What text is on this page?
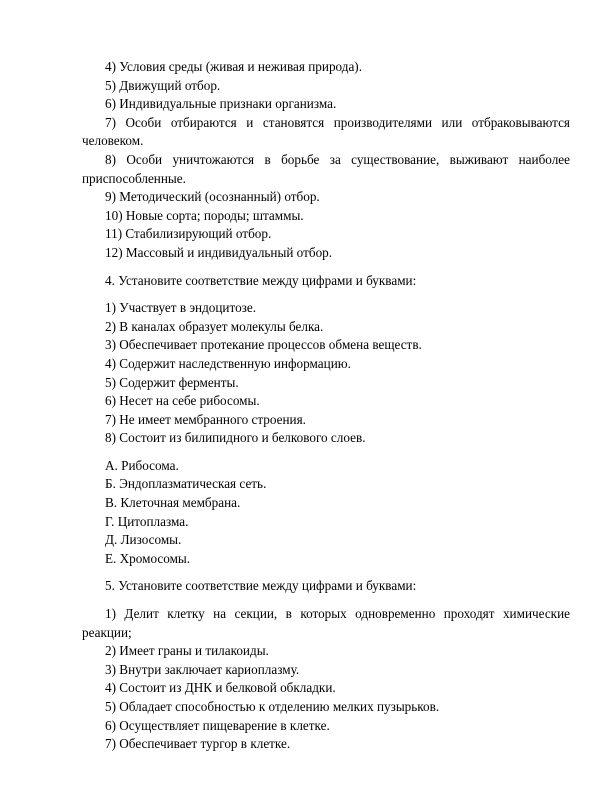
4) Условия среды (живая и неживая природа).
5) Движущий отбор.
6) Индивидуальные признаки организма.
7) Особи отбираются и становятся производителями или отбраковываются человеком.
8) Особи уничтожаются в борьбе за существование, выживают наиболее приспособленные.
9) Методический (осознанный) отбор.
10) Новые сорта; породы; штаммы.
11) Стабилизирующий отбор.
12) Массовый и индивидуальный отбор.
4. Установите соответствие между цифрами и буквами:
1) Участвует в эндоцитозе.
2) В каналах образует молекулы белка.
3) Обеспечивает протекание процессов обмена веществ.
4) Содержит наследственную информацию.
5) Содержит ферменты.
6) Несет на себе рибосомы.
7) Не имеет мембранного строения.
8) Состоит из билипидного и белкового слоев.
А. Рибосома.
Б. Эндоплазматическая сеть.
В. Клеточная мембрана.
Г. Цитоплазма.
Д. Лизосомы.
Е. Хромосомы.
5. Установите соответствие между цифрами и буквами:
1) Делит клетку на секции, в которых одновременно проходят химические реакции;
2) Имеет граны и тилакоиды.
3) Внутри заключает кариоплазму.
4) Состоит из ДНК и белковой обкладки.
5) Обладает способностью к отделению мелких пузырьков.
6) Осуществляет пищеварение в клетке.
7) Обеспечивает тургор в клетке.
